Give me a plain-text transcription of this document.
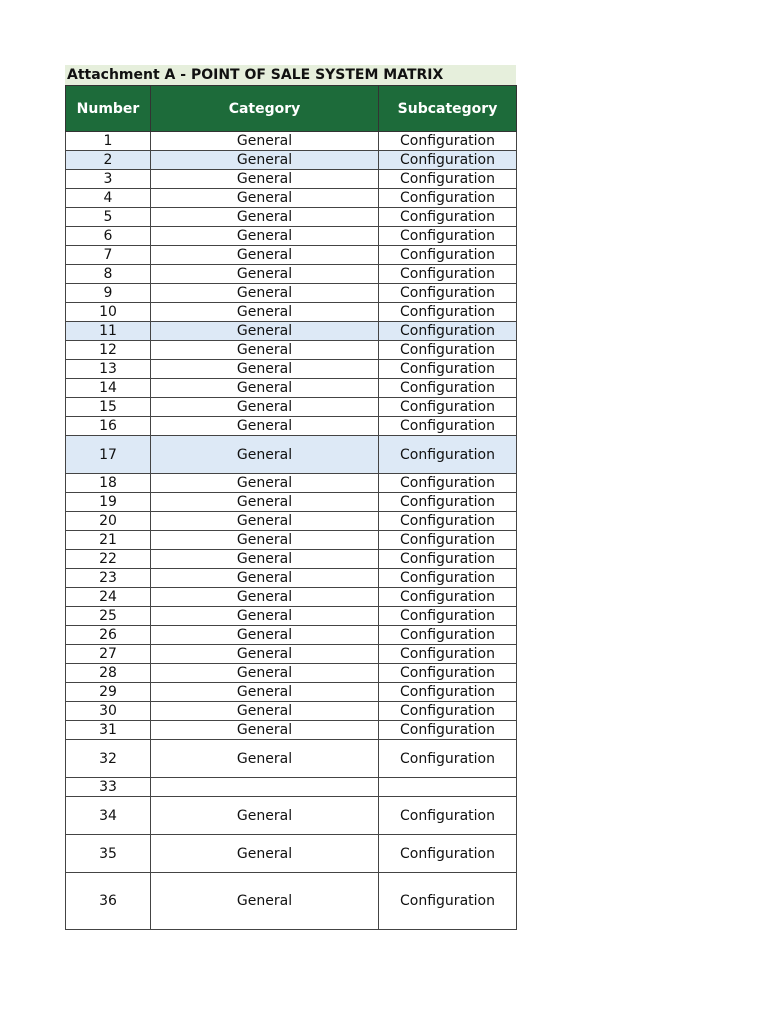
Attachment A - POINT OF SALE SYSTEM MATRIX
Number	Category	Subcategory
1	General	Configuration
2	General	Configuration
3	General	Configuration
4	General	Configuration
5	General	Configuration
6	General	Configuration
7	General	Configuration
8	General	Configuration
9	General	Configuration
10	General	Configuration
11	General	Configuration
12	General	Configuration
13	General	Configuration
14	General	Configuration
15	General	Configuration
16	General	Configuration
17	General	Configuration
18	General	Configuration
19	General	Configuration
20	General	Configuration
21	General	Configuration
22	General	Configuration
23	General	Configuration
24	General	Configuration
25	General	Configuration
26	General	Configuration
27	General	Configuration
28	General	Configuration
29	General	Configuration
30	General	Configuration
31	General	Configuration
32	General	Configuration
33		
34	General	Configuration
35	General	Configuration
36	General	Configuration
